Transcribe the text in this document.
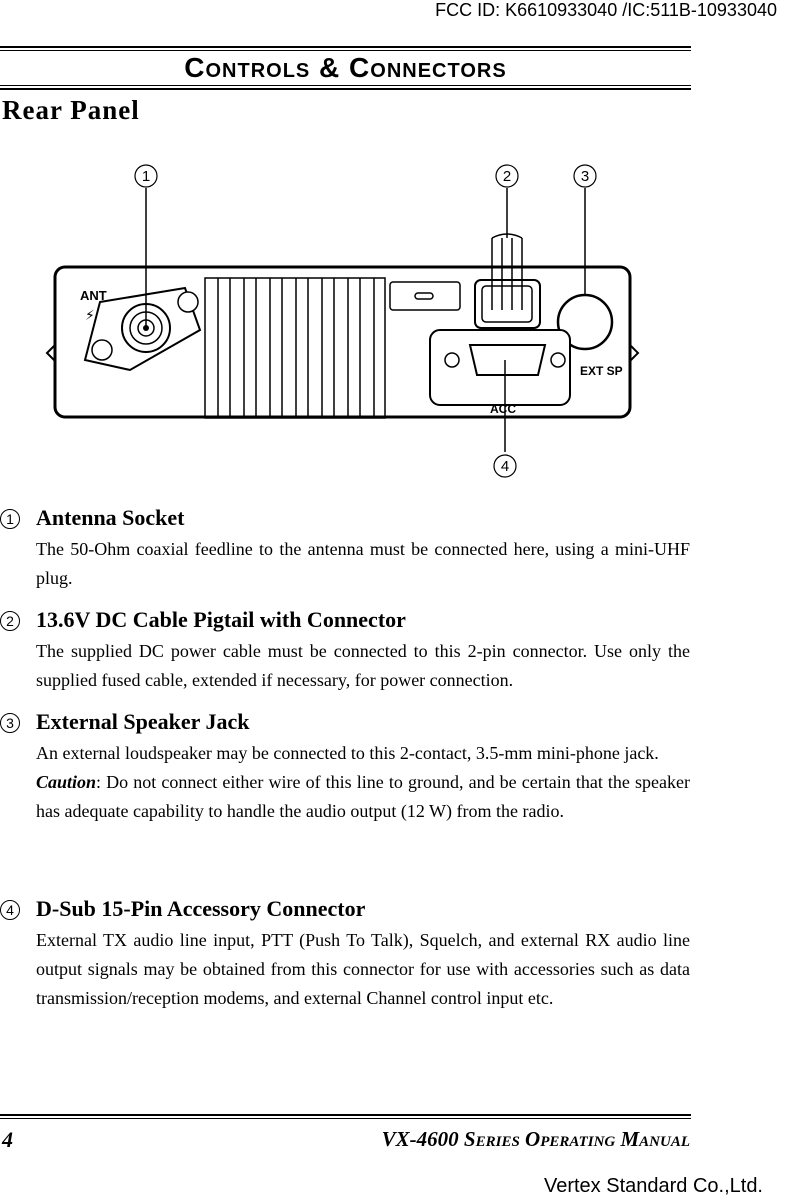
FCC ID: K6610933040 /IC:511B-10933040
Controls & Connectors
Rear Panel
ANT
⚡
EXT SP
ACC
1	2	3
4
1 Antenna Socket
The 50-Ohm coaxial feedline to the antenna must be connected here, using a mini-UHF plug.
2 13.6V DC Cable Pigtail with Connector
The supplied DC power cable must be connected to this 2-pin connector. Use only the supplied fused cable, extended if necessary, for power connection.
3 External Speaker Jack
An external loudspeaker may be connected to this 2-contact, 3.5-mm mini-phone jack.
Caution: Do not connect either wire of this line to ground, and be certain that the speaker has adequate capability to handle the audio output (12 W) from the radio.
4 D-Sub 15-Pin Accessory Connector
External TX audio line input, PTT (Push To Talk), Squelch, and external RX audio line output signals may be obtained from this connector for use with accessories such as data transmission/reception modems, and external Channel control input etc.
4	VX-4600 Series Operating Manual
Vertex Standard Co.,Ltd.
